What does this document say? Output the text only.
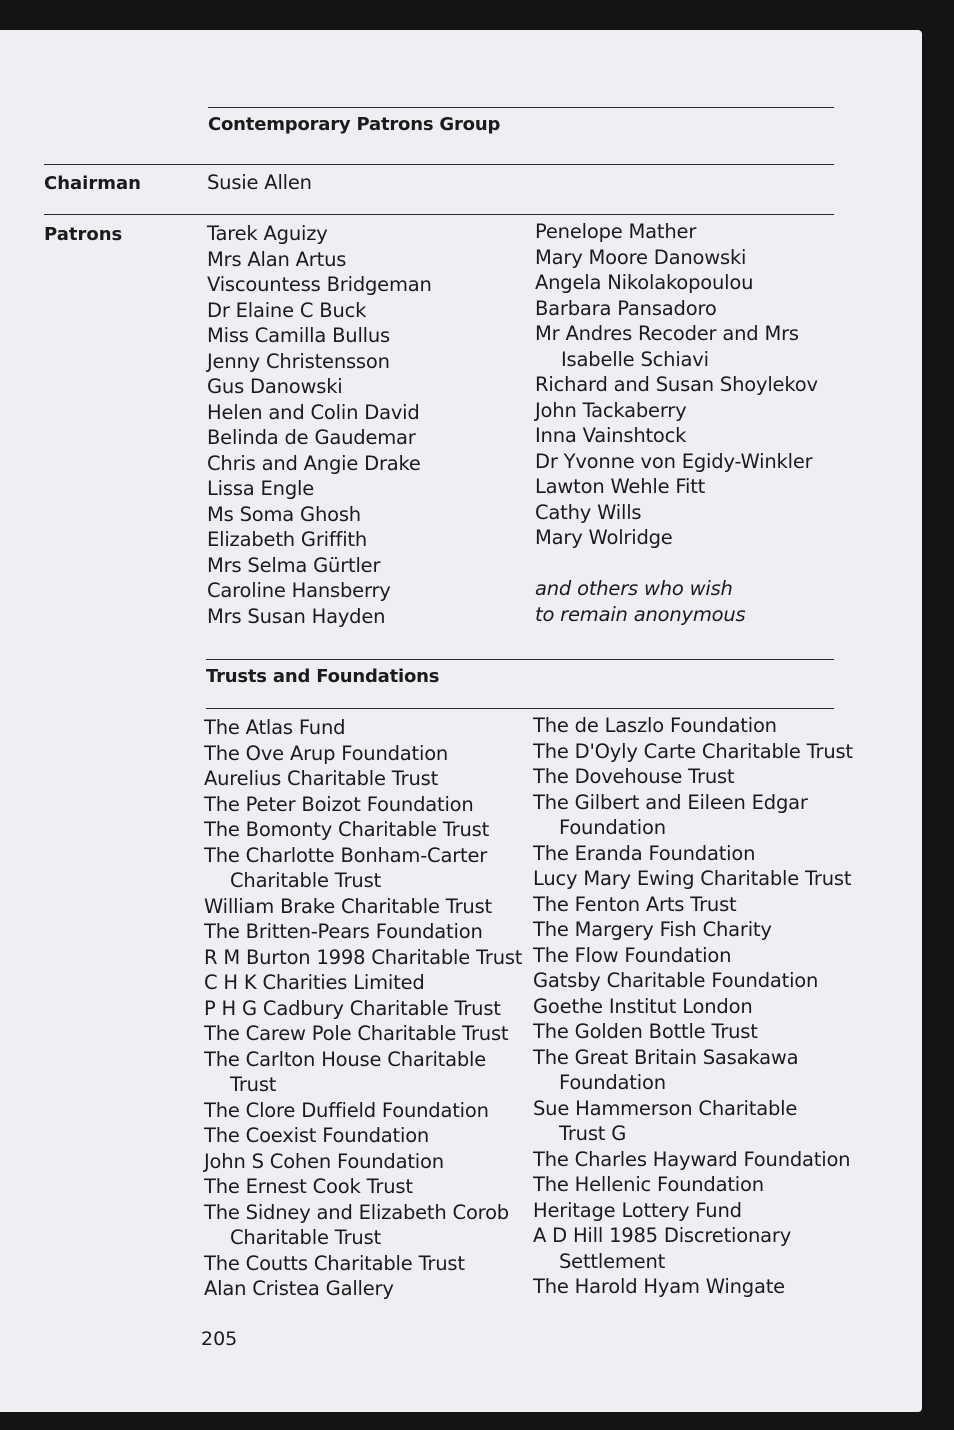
Contemporary Patrons Group
Chairman	Susie Allen
Patrons	Tarek Aguizy
Mrs Alan Artus
Viscountess Bridgeman
Dr Elaine C Buck
Miss Camilla Bullus
Jenny Christensson
Gus Danowski
Helen and Colin David
Belinda de Gaudemar
Chris and Angie Drake
Lissa Engle
Ms Soma Ghosh
Elizabeth Griffith
Mrs Selma Gürtler
Caroline Hansberry
Mrs Susan Hayden
Penelope Mather
Mary Moore Danowski
Angela Nikolakopoulou
Barbara Pansadoro
Mr Andres Recoder and Mrs
Isabelle Schiavi
Richard and Susan Shoylekov
John Tackaberry
Inna Vainshtock
Dr Yvonne von Egidy-Winkler
Lawton Wehle Fitt
Cathy Wills
Mary Wolridge
and others who wish
to remain anonymous
Trusts and Foundations
The Atlas Fund
The Ove Arup Foundation
Aurelius Charitable Trust
The Peter Boizot Foundation
The Bomonty Charitable Trust
The Charlotte Bonham-Carter
Charitable Trust
William Brake Charitable Trust
The Britten-Pears Foundation
R M Burton 1998 Charitable Trust
C H K Charities Limited
P H G Cadbury Charitable Trust
The Carew Pole Charitable Trust
The Carlton House Charitable
Trust
The Clore Duffield Foundation
The Coexist Foundation
John S Cohen Foundation
The Ernest Cook Trust
The Sidney and Elizabeth Corob
Charitable Trust
The Coutts Charitable Trust
Alan Cristea Gallery
The de Laszlo Foundation
The D'Oyly Carte Charitable Trust
The Dovehouse Trust
The Gilbert and Eileen Edgar
Foundation
The Eranda Foundation
Lucy Mary Ewing Charitable Trust
The Fenton Arts Trust
The Margery Fish Charity
The Flow Foundation
Gatsby Charitable Foundation
Goethe Institut London
The Golden Bottle Trust
The Great Britain Sasakawa
Foundation
Sue Hammerson Charitable
Trust G
The Charles Hayward Foundation
The Hellenic Foundation
Heritage Lottery Fund
A D Hill 1985 Discretionary
Settlement
The Harold Hyam Wingate
205
